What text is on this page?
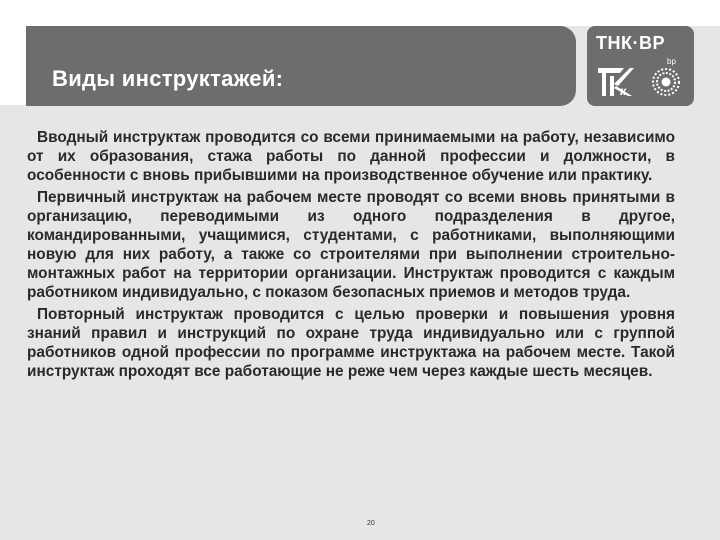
Виды инструктажей:
ТНК·ВР
bp
к

Вводный инструктаж проводится со всеми принимаемыми на работу, независимо от их образования, стажа работы по данной профессии и должности, в особенности с вновь прибывшими на производственное обучение или практику.

Первичный инструктаж на рабочем месте проводят со всеми вновь принятыми в организацию, переводимыми из одного подразделения в другое, командированными, учащимися, студентами, с работниками, выполняющими новую для них работу, а также со строителями при выполнении строительно-монтажных работ на территории организации. Инструктаж проводится с каждым работником индивидуально, с показом безопасных приемов и методов труда.

Повторный инструктаж проводится с целью проверки и повышения уровня знаний правил и инструкций по охране труда индивидуально или с группой работников одной профессии по программе инструктажа на рабочем месте. Такой инструктаж проходят все работающие не реже чем через каждые шесть месяцев.

20
